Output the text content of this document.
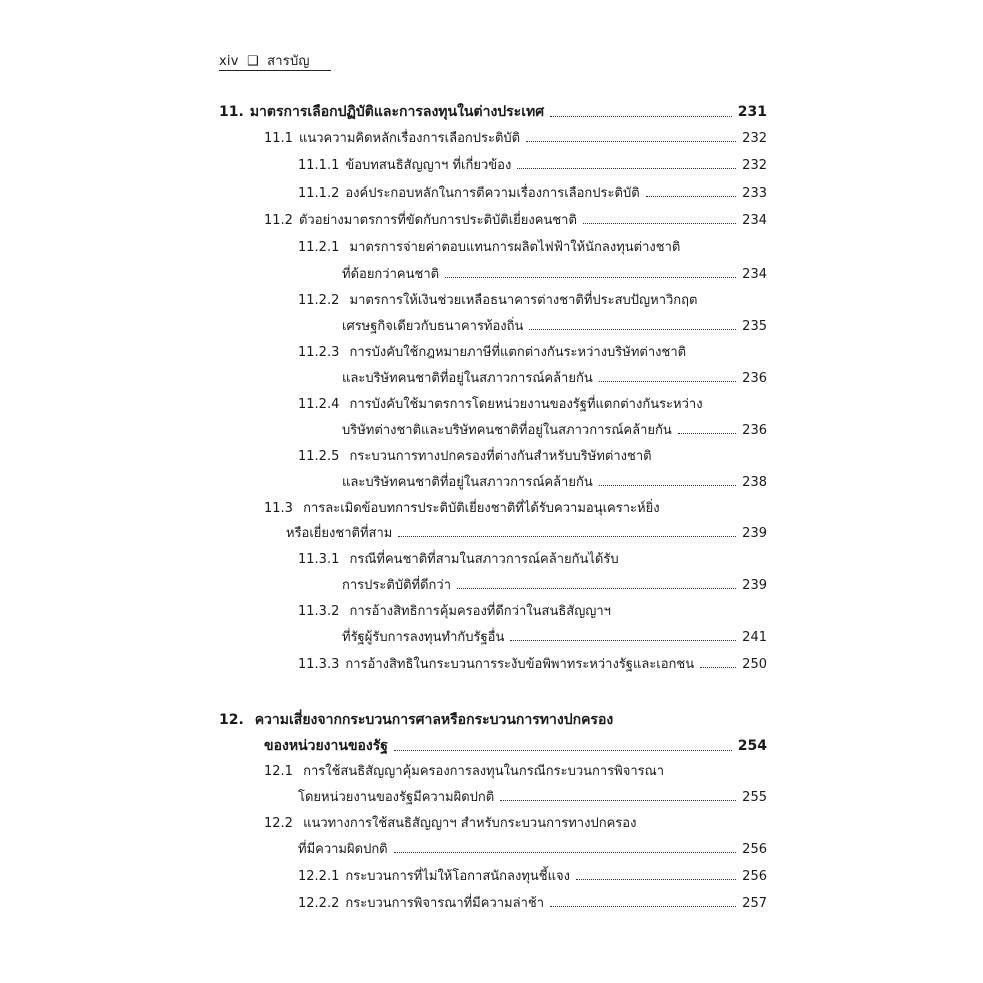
xiv ❑ สารบัญ
11. มาตรการเลือกปฏิบัติและการลงทุนในต่างประเทศ	231
11.1 แนวความคิดหลักเรื่องการเลือกประติบัติ	232
11.1.1 ข้อบทสนธิสัญญาฯ ที่เกี่ยวข้อง	232
11.1.2 องค์ประกอบหลักในการตีความเรื่องการเลือกประติบัติ	233
11.2 ตัวอย่างมาตรการที่ขัดกับการประติบัติเยี่ยงคนชาติ	234
11.2.1 มาตรการจ่ายค่าตอบแทนการผลิตไฟฟ้าให้นักลงทุนต่างชาติ
ที่ด้อยกว่าคนชาติ	234
11.2.2 มาตรการให้เงินช่วยเหลือธนาคารต่างชาติที่ประสบปัญหาวิกฤต
เศรษฐกิจเดียวกับธนาคารท้องถิ่น	235
11.2.3 การบังคับใช้กฎหมายภาษีที่แตกต่างกันระหว่างบริษัทต่างชาติ
และบริษัทคนชาติที่อยู่ในสภาวการณ์คล้ายกัน	236
11.2.4 การบังคับใช้มาตรการโดยหน่วยงานของรัฐที่แตกต่างกันระหว่าง
บริษัทต่างชาติและบริษัทคนชาติที่อยู่ในสภาวการณ์คล้ายกัน	236
11.2.5 กระบวนการทางปกครองที่ต่างกันสำหรับบริษัทต่างชาติ
และบริษัทคนชาติที่อยู่ในสภาวการณ์คล้ายกัน	238
11.3 การละเมิดข้อบทการประติบัติเยี่ยงชาติที่ได้รับความอนุเคราะห์ยิ่ง
หรือเยี่ยงชาติที่สาม	239
11.3.1 กรณีที่คนชาติที่สามในสภาวการณ์คล้ายกันได้รับ
การประติบัติที่ดีกว่า	239
11.3.2 การอ้างสิทธิการคุ้มครองที่ดีกว่าในสนธิสัญญาฯ
ที่รัฐผู้รับการลงทุนทำกับรัฐอื่น	241
11.3.3 การอ้างสิทธิในกระบวนการระงับข้อพิพาทระหว่างรัฐและเอกชน	250
12. ความเสี่ยงจากกระบวนการศาลหรือกระบวนการทางปกครอง
ของหน่วยงานของรัฐ	254
12.1 การใช้สนธิสัญญาคุ้มครองการลงทุนในกรณีกระบวนการพิจารณา
โดยหน่วยงานของรัฐมีความผิดปกติ	255
12.2 แนวทางการใช้สนธิสัญญาฯ สำหรับกระบวนการทางปกครอง
ที่มีความผิดปกติ	256
12.2.1 กระบวนการที่ไม่ให้โอกาสนักลงทุนชี้แจง	256
12.2.2 กระบวนการพิจารณาที่มีความล่าช้า	257
